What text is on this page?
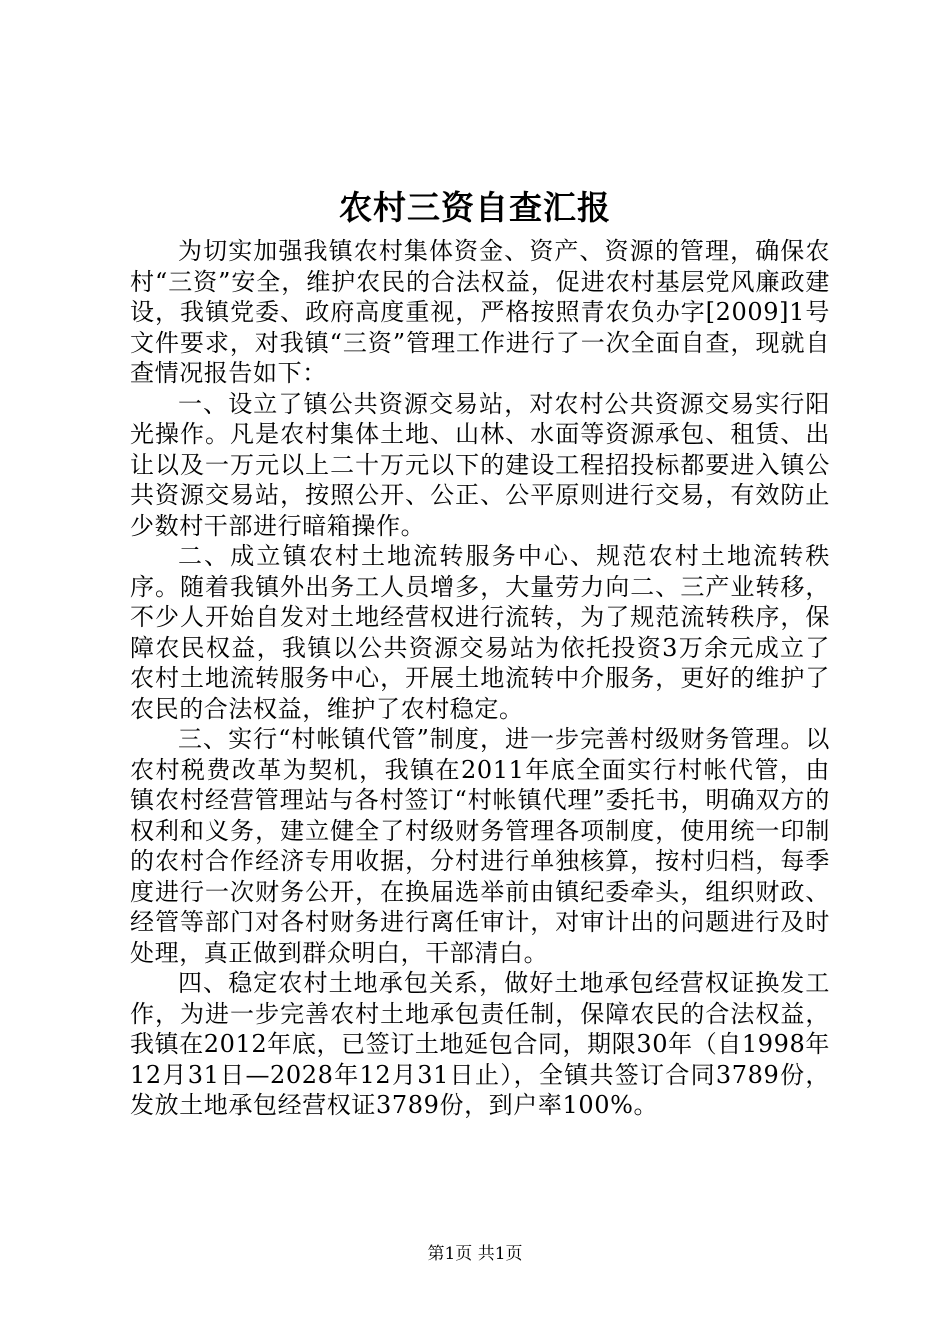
农村三资自查汇报

为切实加强我镇农村集体资金、资产、资源的管理，确保农村“三资”安全，维护农民的合法权益，促进农村基层党风廉政建设，我镇党委、政府高度重视，严格按照青农负办字[2009]1号文件要求，对我镇“三资”管理工作进行了一次全面自查，现就自查情况报告如下：

一、设立了镇公共资源交易站，对农村公共资源交易实行阳光操作。凡是农村集体土地、山林、水面等资源承包、租赁、出让以及一万元以上二十万元以下的建设工程招投标都要进入镇公共资源交易站，按照公开、公正、公平原则进行交易，有效防止少数村干部进行暗箱操作。

二、成立镇农村土地流转服务中心、规范农村土地流转秩序。随着我镇外出务工人员增多，大量劳力向二、三产业转移，不少人开始自发对土地经营权进行流转，为了规范流转秩序，保障农民权益，我镇以公共资源交易站为依托投资3万余元成立了农村土地流转服务中心，开展土地流转中介服务，更好的维护了农民的合法权益，维护了农村稳定。

三、实行“村帐镇代管”制度，进一步完善村级财务管理。以农村税费改革为契机，我镇在2011年底全面实行村帐代管，由镇农村经营管理站与各村签订“村帐镇代理”委托书，明确双方的权利和义务，建立健全了村级财务管理各项制度，使用统一印制的农村合作经济专用收据，分村进行单独核算，按村归档，每季度进行一次财务公开，在换届选举前由镇纪委牵头，组织财政、经管等部门对各村财务进行离任审计，对审计出的问题进行及时处理，真正做到群众明白，干部清白。

四、稳定农村土地承包关系，做好土地承包经营权证换发工作，为进一步完善农村土地承包责任制，保障农民的合法权益，我镇在2012年底，已签订土地延包合同，期限30年（自1998年12月31日—2028年12月31日止），全镇共签订合同3789份，发放土地承包经营权证3789份，到户率100%。

第1页 共1页
